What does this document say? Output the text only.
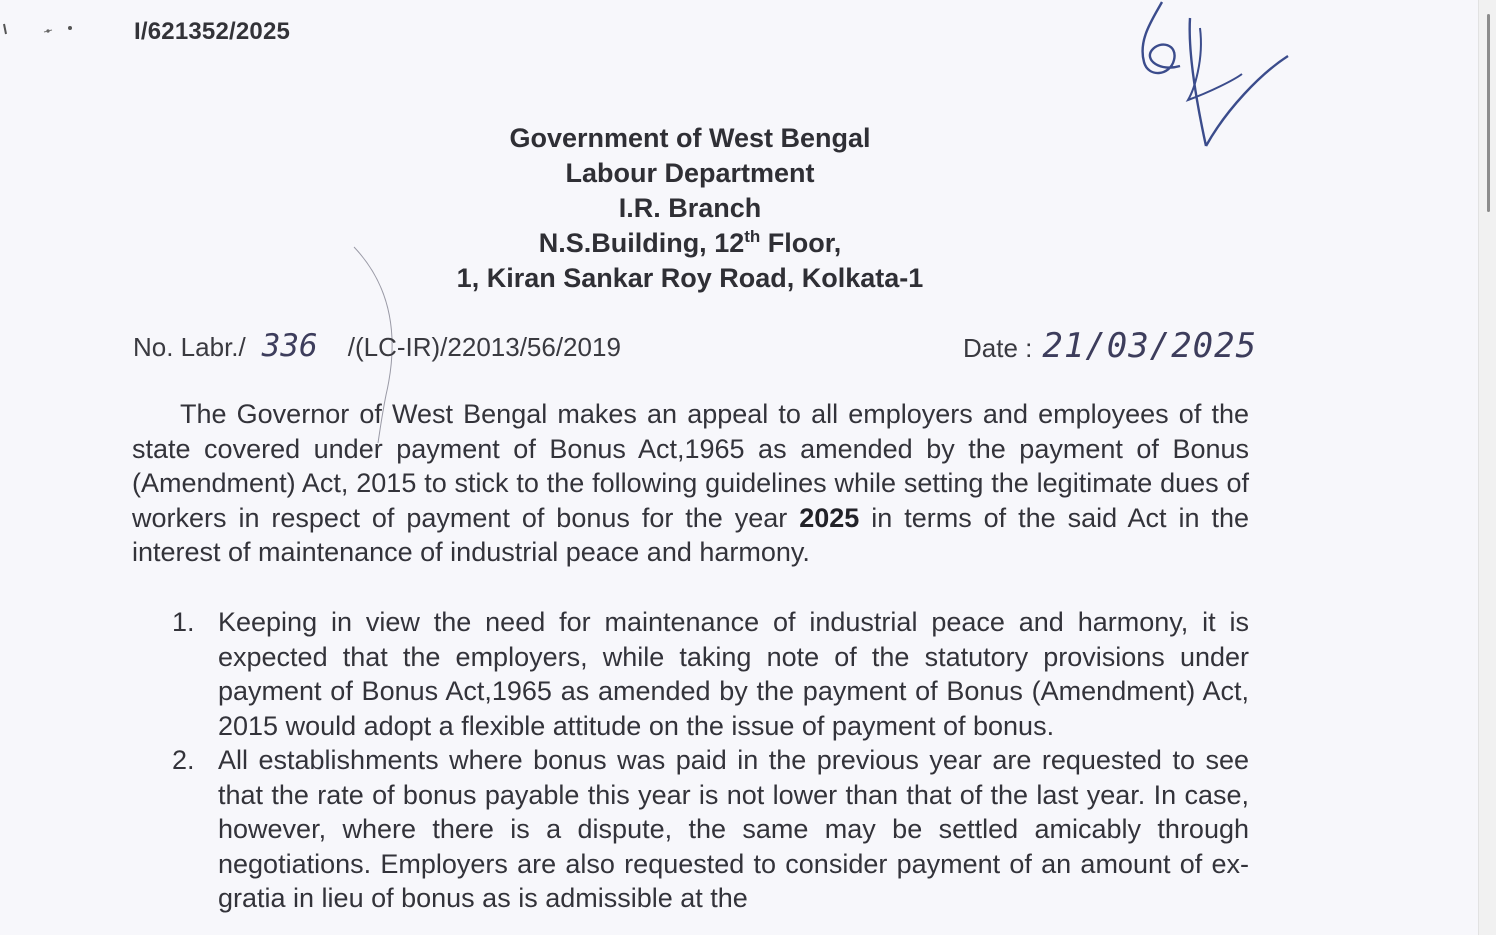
I/621352/2025
Government of West Bengal
Labour Department
I.R. Branch
N.S.Building, 12th Floor,
1, Kiran Sankar Roy Road, Kolkata-1
No. Labr./ 336 /(LC-IR)/22013/56/2019	Date : 21/03/2025

The Governor of West Bengal makes an appeal to all employers and employees of the state covered under payment of Bonus Act,1965 as amended by the payment of Bonus (Amendment) Act, 2015 to stick to the following guidelines while setting the legitimate dues of workers in respect of payment of bonus for the year 2025 in terms of the said Act in the interest of maintenance of industrial peace and harmony.

1. Keeping in view the need for maintenance of industrial peace and harmony, it is expected that the employers, while taking note of the statutory provisions under payment of Bonus Act,1965 as amended by the payment of Bonus (Amendment) Act, 2015 would adopt a flexible attitude on the issue of payment of bonus.
2. All establishments where bonus was paid in the previous year are requested to see that the rate of bonus payable this year is not lower than that of the last year. In case, however, where there is a dispute, the same may be settled amicably through negotiations. Employers are also requested to consider payment of an amount of ex-gratia in lieu of bonus as is admissible at the
